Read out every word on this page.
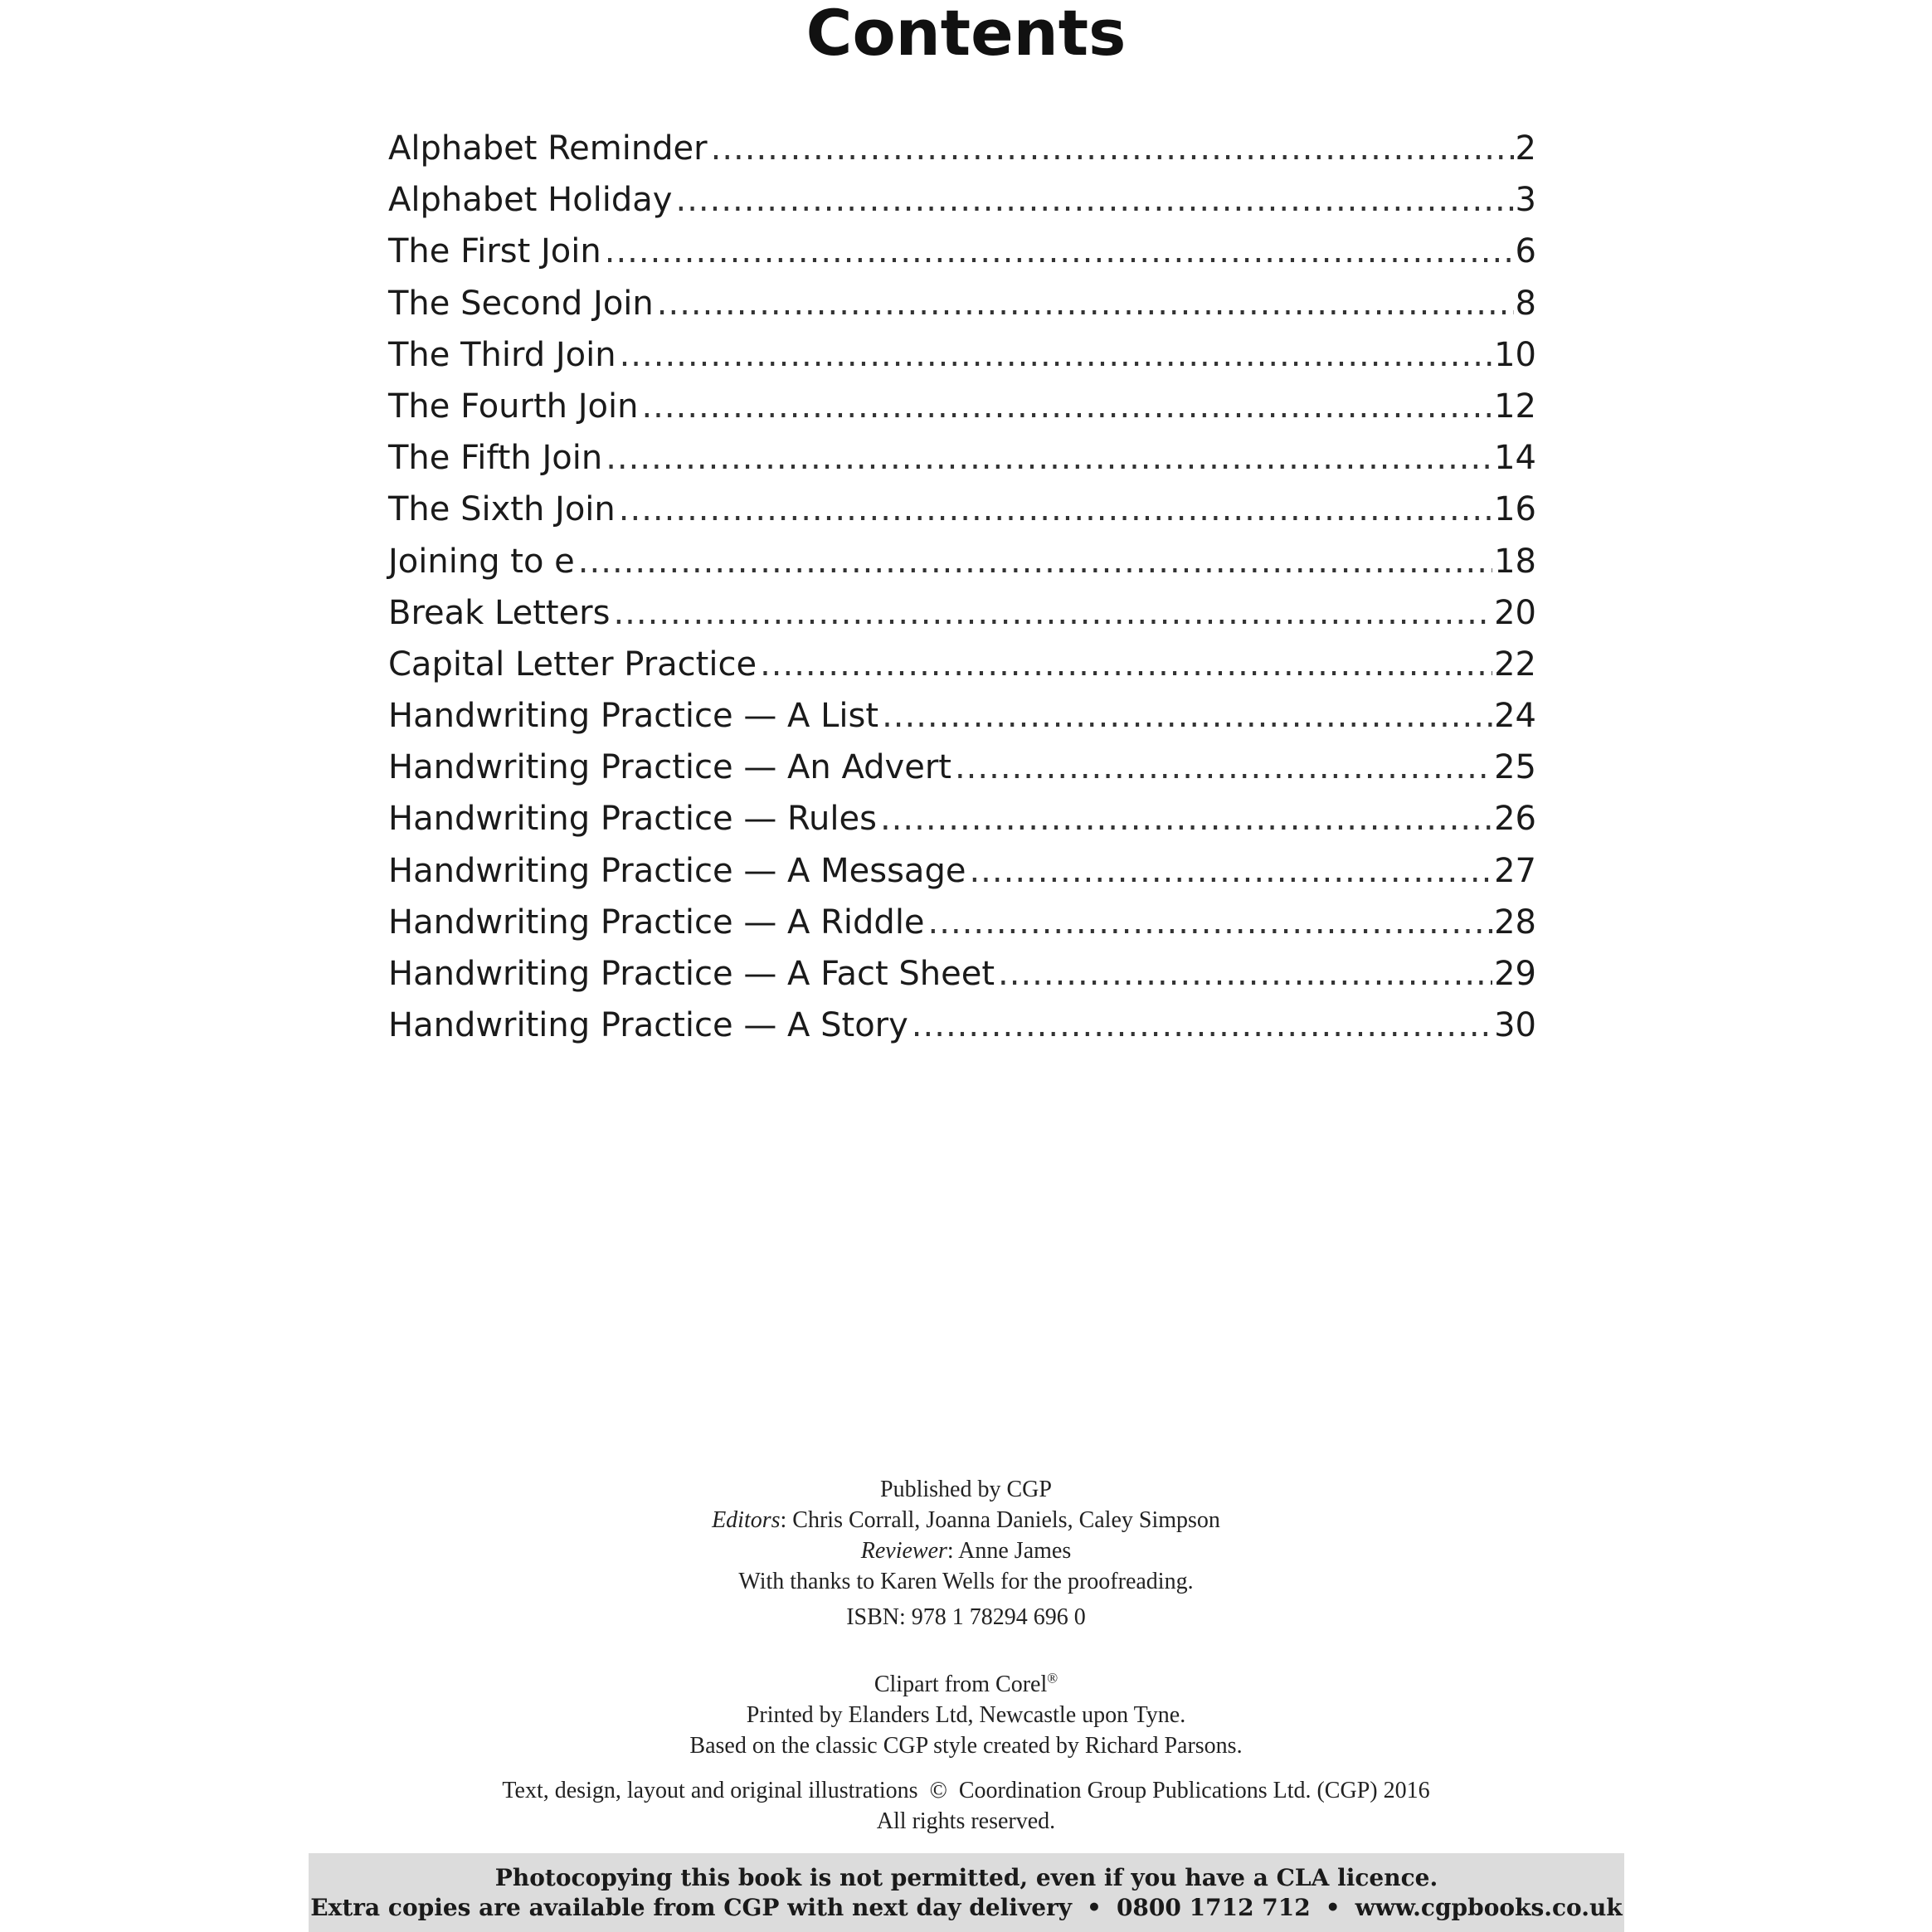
Contents
Alphabet Reminder .....	2
Alphabet Holiday .....	3
The First Join .....	6
The Second Join .....	8
The Third Join .....	10
The Fourth Join .....	12
The Fifth Join .....	14
The Sixth Join .....	16
Joining to e .....	18
Break Letters .....	20
Capital Letter Practice .....	22
Handwriting Practice — A List .....	24
Handwriting Practice — An Advert .....	25
Handwriting Practice — Rules .....	26
Handwriting Practice — A Message .....	27
Handwriting Practice — A Riddle .....	28
Handwriting Practice — A Fact Sheet .....	29
Handwriting Practice — A Story .....	30
Published by CGP
Editors: Chris Corrall, Joanna Daniels, Caley Simpson
Reviewer: Anne James
With thanks to Karen Wells for the proofreading.
ISBN: 978 1 78294 696 0
Clipart from Corel®
Printed by Elanders Ltd, Newcastle upon Tyne.
Based on the classic CGP style created by Richard Parsons.
Text, design, layout and original illustrations  ©  Coordination Group Publications Ltd. (CGP) 2016
All rights reserved.
Photocopying this book is not permitted, even if you have a CLA licence.
Extra copies are available from CGP with next day delivery • 0800 1712 712 • www.cgpbooks.co.uk
